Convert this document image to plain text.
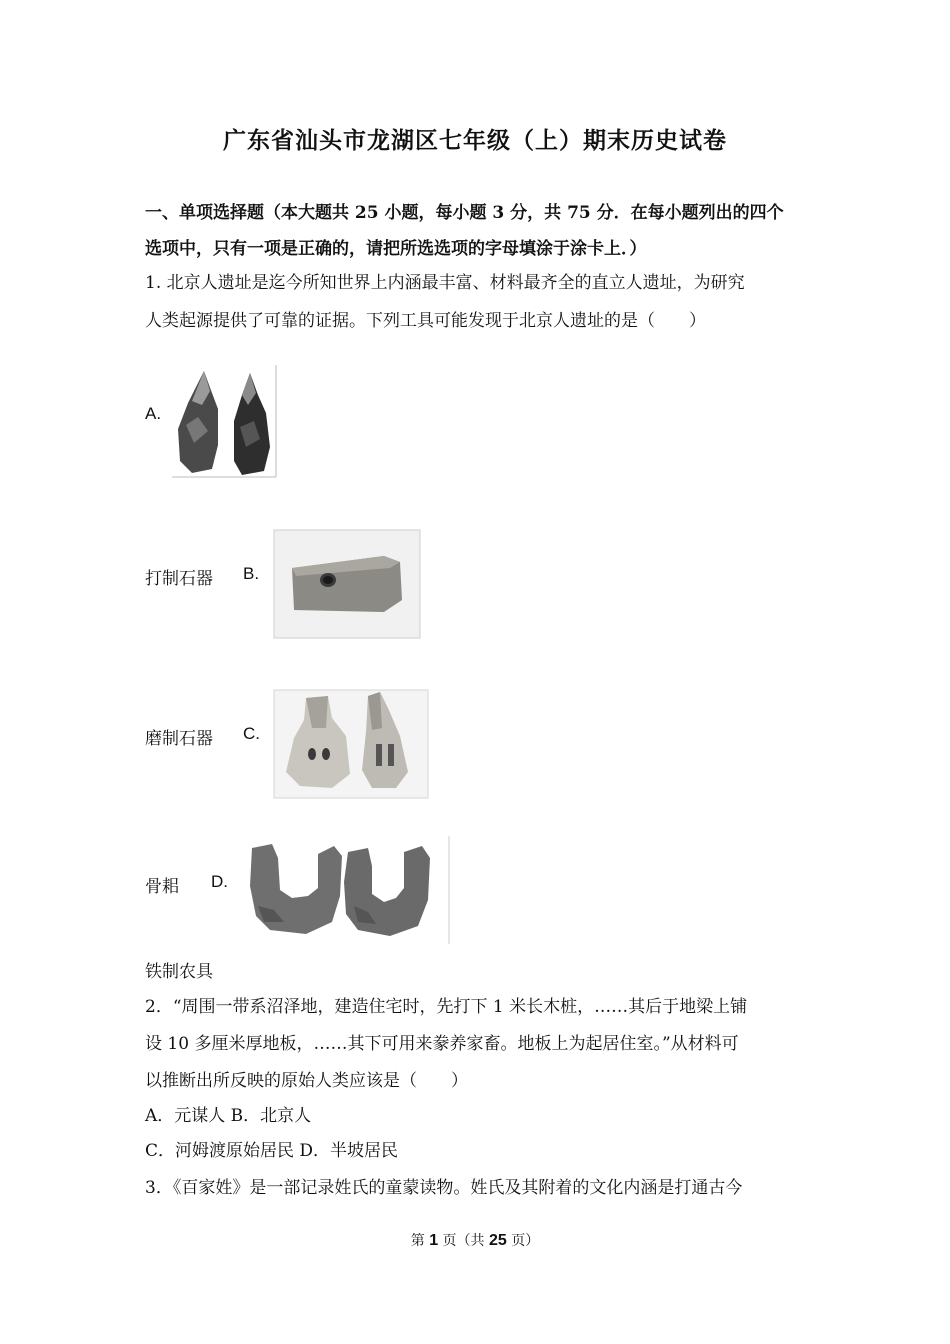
广东省汕头市龙湖区七年级（上）期末历史试卷
一、单项选择题（本大题共 25 小题，每小题 3 分，共 75 分．在每小题列出的四个
选项中，只有一项是正确的，请把所选选项的字母填涂于涂卡上．）
1. 北京人遗址是迄今所知世界上内涵最丰富、材料最齐全的直立人遗址，为研究
人类起源提供了可靠的证据。下列工具可能发现于北京人遗址的是（　　）
A.
打制石器 B.
磨制石器 C.
骨耜 D.
铁制农具
2．“周围一带系沼泽地，建造住宅时，先打下 1 米长木桩，……其后于地梁上铺
设 10 多厘米厚地板，……其下可用来豢养家畜。地板上为起居住室。”从材料可
以推断出所反映的原始人类应该是（　　）
A．元谋人 B．北京人
C．河姆渡原始居民 D．半坡居民
3．《百家姓》是一部记录姓氏的童蒙读物。姓氏及其附着的文化内涵是打通古今
第 1 页（共 25 页）
